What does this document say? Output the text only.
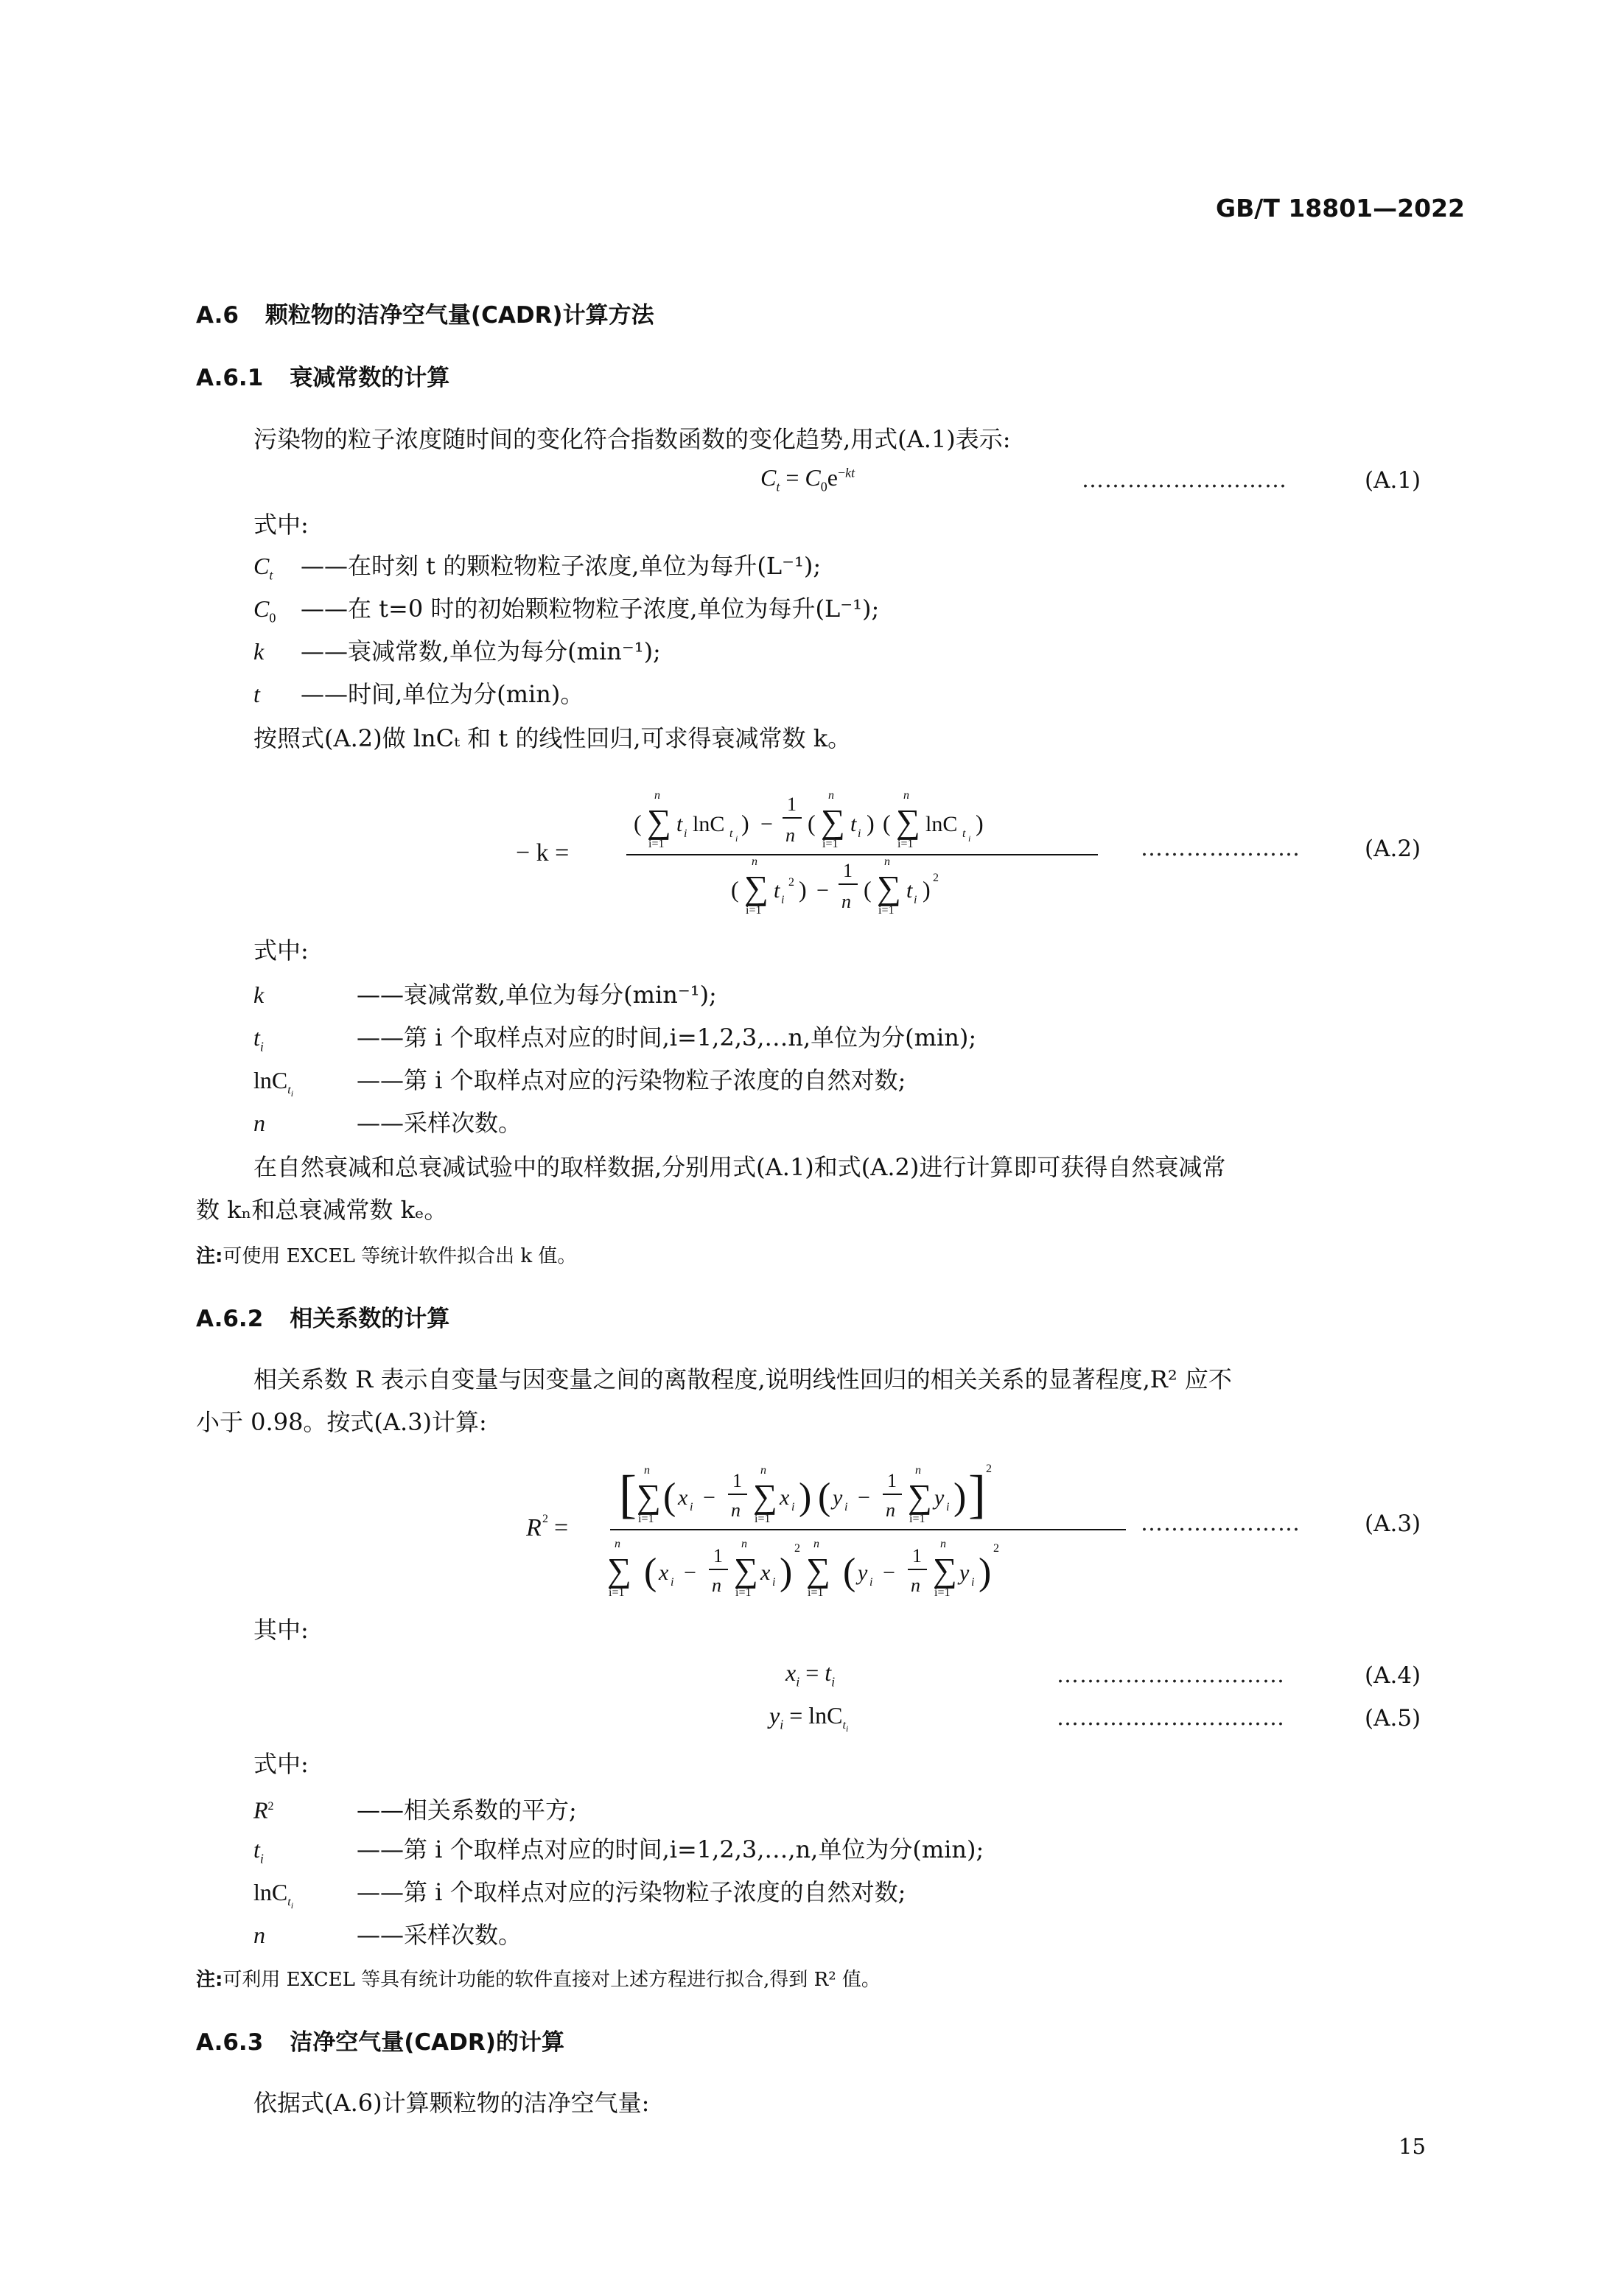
GB/T 18801—2022
A.6 颗粒物的洁净空气量(CADR)计算方法
A.6.1 衰减常数的计算
污染物的粒子浓度随时间的变化符合指数函数的变化趋势,用式(A.1)表示:
$C_t = C_0e^{-kt}$	………………………	(A.1)
式中:
$C_t$ ——在时刻 t 的颗粒物粒子浓度,单位为每升(L⁻¹);
$C_0$ ——在 t=0 时的初始颗粒物粒子浓度,单位为每升(L⁻¹);
k ——衰减常数,单位为每分(min⁻¹);
t ——时间,单位为分(min)。
按照式(A.2)做 lnCₜ 和 t 的线性回归,可求得衰减常数 k。
− k =
( ∑
n
i=1
t i lnC t i
) −
1
n ( ∑
n
i=1
t i ) ( ∑
n
i=1
lnC t i
)
( ∑
n
i=1
t i
2 ) −
1
n ( ∑
n
i=1
t i ) 2
…………………	(A.2)
式中:
k	——衰减常数,单位为每分(min⁻¹);
$t_i$	——第 i 个取样点对应的时间,i=1,2,3,…n,单位为分(min);
lnC$_{t_i}$	——第 i 个取样点对应的污染物粒子浓度的自然对数;
n	——采样次数。
在自然衰减和总衰减试验中的取样数据,分别用式(A.1)和式(A.2)进行计算即可获得自然衰减常
数 kₙ和总衰减常数 kₑ。
注:可使用 EXCEL 等统计软件拟合出 k 值。
A.6.2 相关系数的计算
相关系数 R 表示自变量与因变量之间的离散程度,说明线性回归的相关关系的显著程度,R² 应不
小于 0.98。按式(A.3)计算:
R 2 =
[ ∑
n
i=1
( x i −
1
n ∑
n
i=1
x i ) ( y i −
1
n ∑
n
i=1
y i ) ] 2
∑
n
i=1 ( x i −
1
n ∑
n
i=1
x i )
2
∑
n
i=1 ( y i −
1
n ∑
n
i=1
y i )
2
…………………	(A.3)
其中:
$x_i = t_i$	…………………………	(A.4)
$y_i = \ln C_{t_i}$	…………………………	(A.5)
式中:
$R^2$	——相关系数的平方;
$t_i$	——第 i 个取样点对应的时间,i=1,2,3,…,n,单位为分(min);
lnC$_{t_i}$	——第 i 个取样点对应的污染物粒子浓度的自然对数;
n	——采样次数。
注:可利用 EXCEL 等具有统计功能的软件直接对上述方程进行拟合,得到 R² 值。
A.6.3 洁净空气量(CADR)的计算
依据式(A.6)计算颗粒物的洁净空气量:
15
